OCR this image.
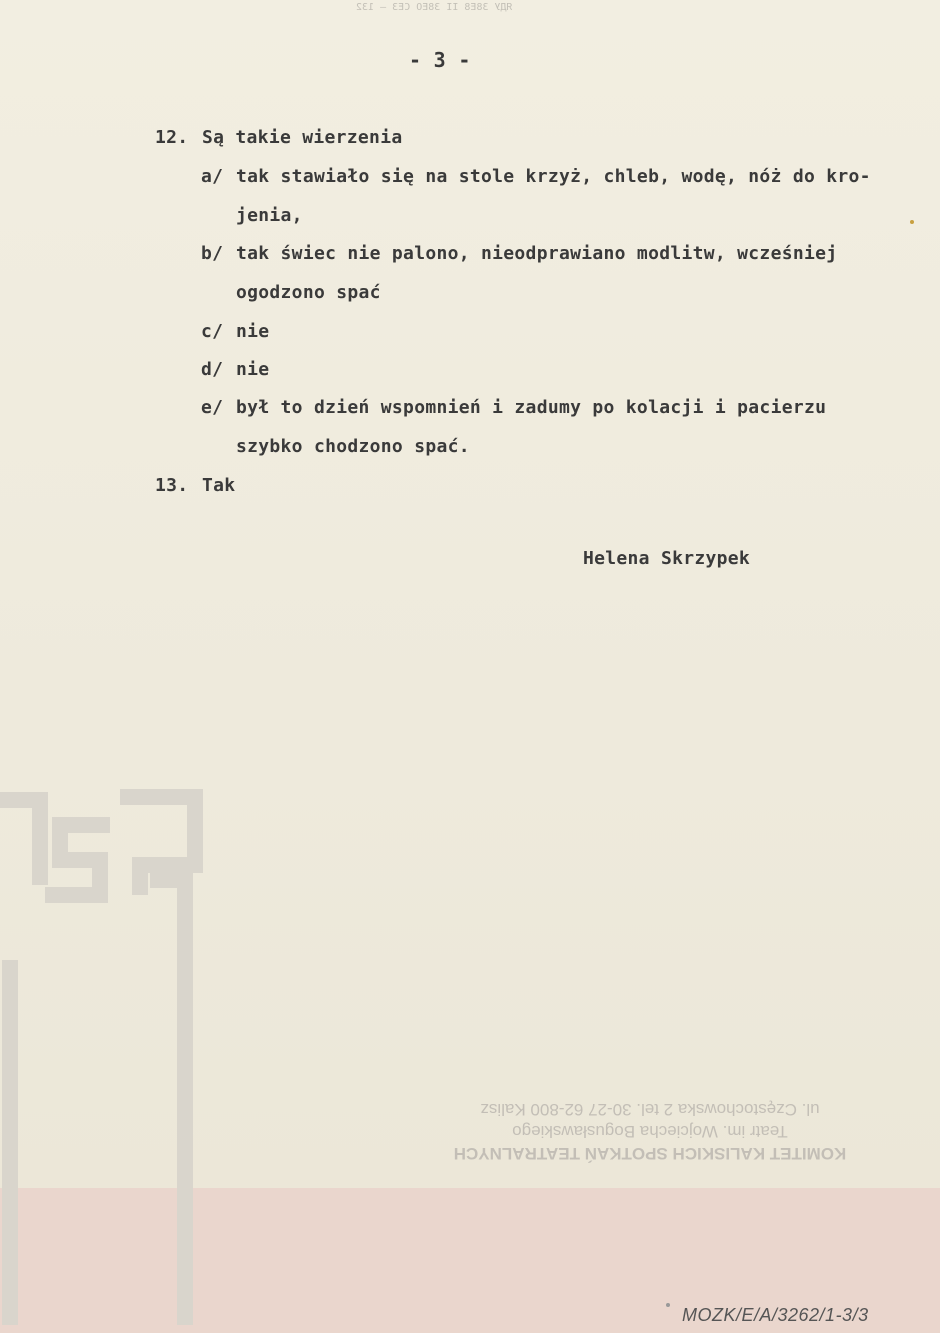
ЯДУ 38Е8 II 38ЕО СЕЗ — 132
- 3 -
12. Są takie wierzenia
a/ tak stawiało się na stole krzyż, chleb, wodę, nóż do kro-
jenia,
b/ tak świec nie palono, nieodprawiano modlitw, wcześniej
ogodzono spać
c/ nie
d/ nie
e/ był to dzień wspomnień i zadumy po kolacji i pacierzu
szybko chodzono spać.
13. Tak
Helena Skrzypek
KOMITET KALISKICH SPOTKAŃ TEATRALNYCH
Teatr im. Wojciecha Bogusławskiego
ul. Częstochowska 2 tel. 30-27 62-800 Kalisz
MOZK/E/A/3262/1-3/3
